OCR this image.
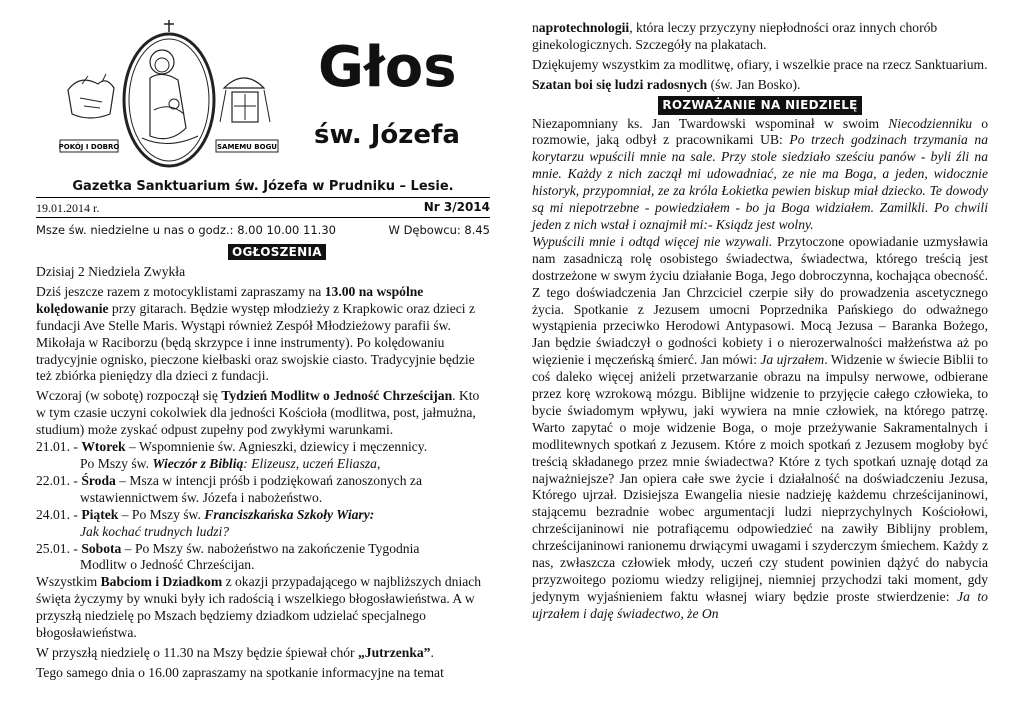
POKÓJ I DOBRO	SAMEMU BOGU
Głos
św. Józefa
Gazetka Sanktuarium św. Józefa w Prudniku – Lesie.
19.01.2014 r.	Nr 3/2014
Msze św. niedzielne u nas o godz.: 8.00 10.00 11.30	W Dębowcu: 8.45
OGŁOSZENIA

Dzisiaj 2 Niedziela Zwykła

Dziś jeszcze razem z motocyklistami zapraszamy na 13.00 na wspólne kolędowanie przy gitarach. Będzie występ młodzieży z Krapkowic oraz dzieci z fundacji Ave Stelle Maris. Wystąpi również Zespół Młodzieżowy parafii św. Mikołaja w Raciborzu (będą skrzypce i inne instrumenty). Po kolędowaniu tradycyjnie ognisko, pieczone kiełbaski oraz swojskie ciasto. Tradycyjnie będzie też zbiórka pieniędzy dla dzieci z fundacji.

Wczoraj (w sobotę) rozpoczął się Tydzień Modlitw o Jedność Chrześcijan. Kto w tym czasie uczyni cokolwiek dla jedności Kościoła (modlitwa, post, jałmużna, studium) może zyskać odpust zupełny pod zwykłymi warunkami.

21.01. - Wtorek – Wspomnienie św. Agnieszki, dziewicy i męczennicy.

Po Mszy św. Wieczór z Biblią: Elizeusz, uczeń Eliasza,

22.01. - Środa – Msza w intencji próśb i podziękowań zanoszonych za

wstawiennictwem św. Józefa i nabożeństwo.

24.01. - Piątek – Po Mszy św. Franciszkańska Szkoły Wiary:

Jak kochać trudnych ludzi?

25.01. - Sobota – Po Mszy św. nabożeństwo na zakończenie Tygodnia

Modlitw o Jedność Chrześcijan.

Wszystkim Babciom i Dziadkom z okazji przypadającego w najbliższych dniach święta życzymy by wnuki były ich radością i wszelkiego błogosławieństwa. A w przyszłą niedzielę po Mszach będziemy dziadkom udzielać specjalnego błogosławieństwa.

W przyszłą niedzielę o 11.30 na Mszy będzie śpiewał chór „Jutrzenka”.

Tego samego dnia o 16.00 zapraszamy na spotkanie informacyjne na temat

naprotechnologii, która leczy przyczyny niepłodności oraz innych chorób ginekologicznych. Szczegóły na plakatach.

Dziękujemy wszystkim za modlitwę, ofiary, i wszelkie prace na rzecz Sanktuarium.

Szatan boi się ludzi radosnych (św. Jan Bosko).

ROZWAŻANIE NA NIEDZIELĘ

Niezapomniany ks. Jan Twardowski wspominał w swoim Niecodzienniku o rozmowie, jaką odbył z pracownikami UB: Po trzech godzinach trzymania na korytarzu wpuścili mnie na sale. Przy stole siedziało sześciu panów - byli źli na mnie. Każdy z nich zaczął mi udowadniać, ze nie ma Boga, a jeden, widocznie historyk, przypomniał, ze za króla Łokietka pewien biskup miał dziecko. Te dowody są mi niepotrzebne - powiedziałem - bo ja Boga widziałem. Zamilkli. Po chwili jeden z nich wstał i oznajmił mi:- Ksiądz jest wolny.

Wypuścili mnie i odtąd więcej nie wzywali. Przytoczone opowiadanie uzmysławia nam zasadniczą rolę osobistego świadectwa, świadectwa, którego treścią jest dostrzeżone w swym życiu działanie Boga, Jego dobroczynna, kochająca obecność. Z tego doświadczenia Jan Chrzciciel czerpie siły do prowadzenia ascetycznego życia. Spotkanie z Jezusem umocni Poprzednika Pańskiego do odważnego wystąpienia przeciwko Herodowi Antypasowi. Mocą Jezusa – Baranka Bożego, Jan będzie świadczył o godności kobiety i o nierozerwalności małżeństwa aż po więzienie i męczeńską śmierć. Jan mówi: Ja ujrzałem. Widzenie w świecie Biblii to coś daleko więcej aniżeli przetwarzanie obrazu na impulsy nerwowe, odbierane przez korę wzrokową mózgu. Biblijne widzenie to przyjęcie całego człowieka, to bycie świadomym wpływu, jaki wywiera na mnie człowiek, na którego patrzę. Warto zapytać o moje widzenie Boga, o moje przeżywanie Sakramentalnych i modlitewnych spotkań z Jezusem. Które z moich spotkań z Jezusem mogłoby być treścią składanego przez mnie świadectwa? Które z tych spotkań uznaję dotąd za najważniejsze? Jan opiera całe swe życie i działalność na doświadczeniu Jezusa, Którego ujrzał. Dzisiejsza Ewangelia niesie nadzieję każdemu chrześcijaninowi, stającemu bezradnie wobec argumentacji ludzi nieprzychylnych Kościołowi, chrześcijaninowi nie potrafiącemu odpowiedzieć na zawiły Biblijny problem, chrześcijaninowi ranionemu drwiącymi uwagami i szyderczym śmiechem. Każdy z nas, zwłaszcza człowiek młody, uczeń czy student powinien dążyć do nabycia przyzwoitego poziomu wiedzy religijnej, niemniej przychodzi taki moment, gdy jedynym wyjaśnieniem faktu własnej wiary będzie proste stwierdzenie: Ja to ujrzałem i daję świadectwo, że On
